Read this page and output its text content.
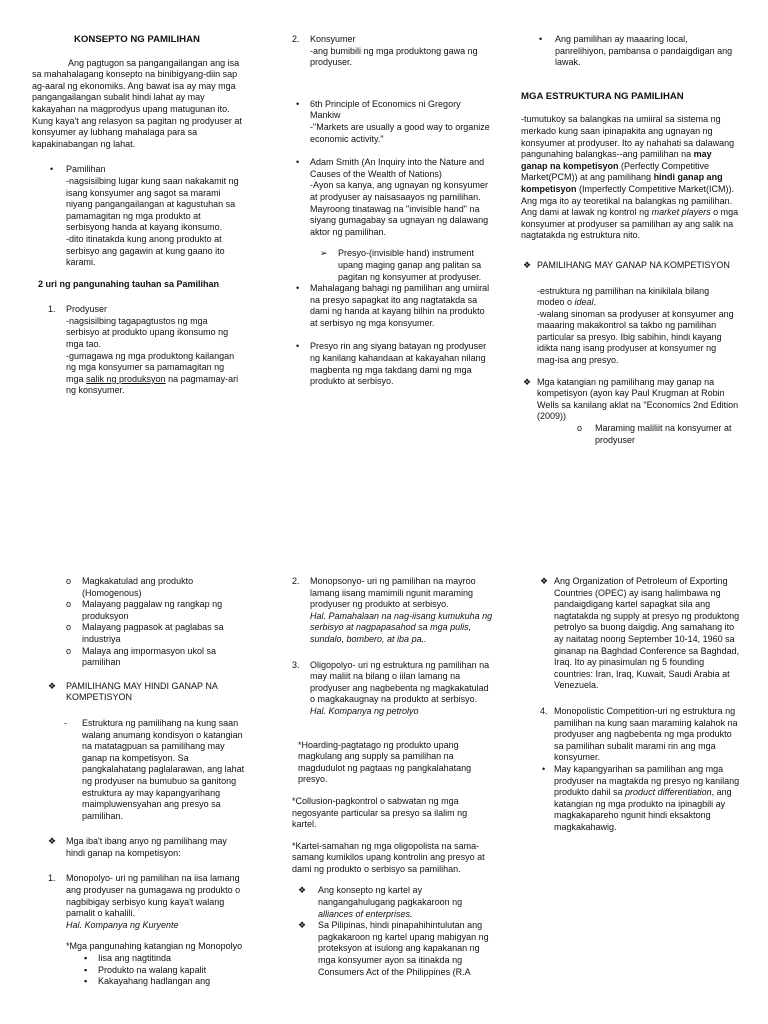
KONSEPTO NG PAMILIHAN

Ang pagtugon sa pangangailangan ang isa sa mahahalagang konsepto na binibigyang-diin sap ag-aaral ng ekonomiks. Ang bawat isa ay may mga pangangailangan subalit hindi lahat ay may kakayahan na magprodyus upang matugunan ito. Kung kaya't ang relasyon sa pagitan ng prodyuser at konsyumer ay lubhang mahalaga para sa kapakinabangan ng lahat.

• Pamilihan

-nagsisilbing lugar kung saan nakakamit ng isang konsyumer ang sagot sa marami niyang pangangailangan at kagustuhan sa pamamagitan ng mga produkto at serbisyong handa at kayang ikonsumo.
-dito itinatakda kung anong produkto at serbisyo ang gagawin at kung gaano ito karami.

2 uri ng pangunahing tauhan sa Pamilihan

1. Prodyuser

-nagsisilbing tagapagtustos ng mga serbisyo at produkto upang ikonsumo ng mga tao.
-gumagawa ng mga produktong kailangan ng mga konsyumer sa pamamagitan ng mga salik ng produksyon na pagmamay-ari ng konsyumer.

2. Konsyumer

-ang bumibili ng mga produktong gawa ng prodyuser.

• 6th Principle of Economics ni Gregory Mankiw

-"Markets are usually a good way to organize economic activity."

• Adam Smith (An Inquiry into the Nature and Causes of the Wealth of Nations)

-Ayon sa kanya, ang ugnayan ng konsyumer at prodyuser ay naisasaayos ng pamilihan. Mayroong tinatawag na "invisible hand" na siyang gumagabay sa ugnayan ng dalawang aktor ng pamilihan.

➢ Presyo-(invisible hand) instrument upang maging ganap ang palitan sa pagitan ng konsyumer at prodyuser.

• Mahalagang bahagi ng pamilihan ang umiiral na presyo sapagkat ito ang nagtatakda sa dami ng handa at kayang bilhin na produkto at serbisyo ng mga konsyumer.

• Presyo rin ang siyang batayan ng prodyuser ng kanilang kahandaan at kakayahan nilang magbenta ng mga takdang dami ng mga produkto at serbisyo.

• Ang pamilihan ay maaaring local, panrelihiyon, pambansa o pandaigdigan ang lawak.

MGA ESTRUKTURA NG PAMILIHAN

-tumutukoy sa balangkas na umiiral sa sistema ng merkado kung saan ipinapakita ang ugnayan ng konsyumer at prodyuser. Ito ay nahahati sa dalawang pangunahing balangkas--ang pamilihan na may ganap na kompetisyon (Perfectly Competitive Market(PCM)) at ang pamilihang hindi ganap ang kompetisyon (Imperfectly Competitive Market(ICM)). Ang mga ito ay teoretikal na balangkas ng pamilihan. Ang dami at lawak ng kontrol ng market players o mga konsyumer at prodyuser sa pamilihan ay ang salik na nagtatakda ng estruktura nito.

❖ PAMILIHANG MAY GANAP NA KOMPETISYON

-estruktura ng pamilihan na kinikilala bilang modeo o ideal.
-walang sinoman sa prodyuser at konsyumer ang maaaring makakontrol sa takbo ng pamilihan particular sa presyo. Ibig sabihin, hindi kayang idikta nang isang prodyuser at konsyumer ng mag-isa ang presyo.

❖ Mga katangian ng pamilihang may ganap na kompetisyon (ayon kay Paul Krugman at Robin Wells sa kanilang aklat na "Economics 2nd Edition (2009))

o Maraming maliliit na konsyumer at prodyuser

o Magkakatulad ang produkto (Homogenous)

o Malayang paggalaw ng rangkap ng produksyon

o Malayang pagpasok at paglabas sa industriya

o Malaya ang impormasyon ukol sa pamilihan

❖ PAMILIHANG MAY HINDI GANAP NA KOMPETISYON

- Estruktura ng pamilihang na kung saan walang anumang kondisyon o katangian na matatagpuan sa pamilihang may ganap na kompetisyon. Sa pangkalahatang paglalarawan, ang lahat ng prodyuser na bumubuo sa ganitong estruktura ay may kapangyarihang maimpluwensyahan ang presyo sa pamilihan.

❖ Mga iba't ibang anyo ng pamilihang may hindi ganap na kompetisyon:

1. Monopolyo- uri ng pamilihan na iisa lamang ang prodyuser na gumagawa ng produkto o nagbibigay serbisyo kung kaya't walang pamalit o kahalili.

Hal. Kompanya ng Kuryente

*Mga pangunahing katangian ng Monopolyo

▪ Iisa ang nagtitinda

▪ Produkto na walang kapalit

▪ Kakayahang hadlangan ang

2. Monopsonyo- uri ng pamilihan na mayroo lamang iisang mamimili ngunit maraming prodyuser ng produkto at serbisyo.

Hal. Pamahalaan na nag-iisang kumukuha ng serbisyo at nagpapasahod sa mga pulis, sundalo, bombero, at iba pa..

3. Oligopolyo- uri ng estruktura ng pamilihan na may maliit na bilang o iilan lamang na prodyuser ang nagbebenta ng magkakatulad o magkakaugnay na produkto at serbisyo.

Hal. Kompanya ng petrolyo

*Hoarding-pagtatago ng produkto upang magkulang ang supply sa pamilihan na magdudulot ng pagtaas ng pangkalahatang presyo.

*Collusion-pagkontrol o sabwatan ng mga negosyante particular sa presyo sa ilalim ng kartel.

*Kartel-samahan ng mga oligopolista na sama-samang kumikilos upang kontrolin ang presyo at dami ng produkto o serbisyo sa pamilihan.

❖ Ang konsepto ng kartel ay nangangahulugang pagkakaroon ng alliances of enterprises.

❖ Sa Pilipinas, hindi pinapahihintulutan ang pagkakaroon ng kartel upang mabigyan ng proteksyon at isulong ang kapakanan ng mga konsyumer ayon sa itinakda ng Consumers Act of the Philippines (R.A

❖ Ang Organization of Petroleum of Exporting Countries (OPEC) ay isang halimbawa ng pandaigdigang kartel sapagkat sila ang nagtatakda ng supply at presyo ng produktong petrolyo sa buong daigdig. Ang samahang ito ay naitatag noong September 10-14, 1960 sa ginanap na Baghdad Conference sa Baghdad, Iraq. Ito ay pinasimulan ng 5 founding countries: Iran, Iraq, Kuwait, Saudi Arabia at Venezuela.

4. Monopolistic Competition-uri ng estruktura ng pamilihan na kung saan maraming kalahok na prodyuser ang nagbebenta ng mga produkto sa pamilihan subalit marami rin ang mga konsyumer.

• May kapangyarihan sa pamilihan ang mga prodyuser na magtakda ng presyo ng kanilang produkto dahil sa product differentiation, ang katangian ng mga produkto na ipinagbili ay magkakapareho ngunit hindi eksaktong magkakahawig.
